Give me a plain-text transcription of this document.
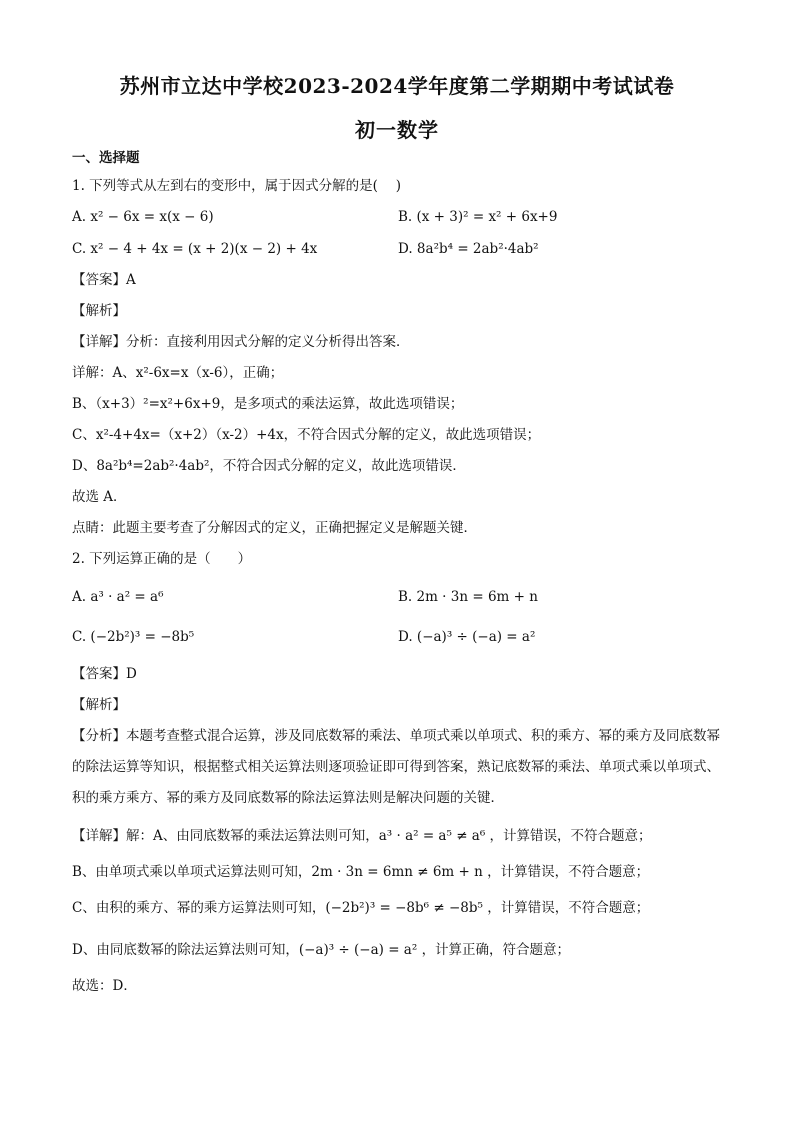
苏州市立达中学校2023-2024学年度第二学期期中考试试卷
初一数学
一、选择题
1. 下列等式从左到右的变形中，属于因式分解的是(　 )
A. x² − 6x = x(x − 6)	B. (x + 3)² = x² + 6x+9
C. x² − 4 + 4x = (x + 2)(x − 2) + 4x	D. 8a²b⁴ = 2ab²·4ab²
【答案】A
【解析】
【详解】分析：直接利用因式分解的定义分析得出答案．
详解：A、x²-6x=x（x-6），正确；
B、（x+3）²=x²+6x+9，是多项式的乘法运算，故此选项错误；
C、x²-4+4x=（x+2）（x-2）+4x，不符合因式分解的定义，故此选项错误；
D、8a²b⁴=2ab²·4ab²，不符合因式分解的定义，故此选项错误．
故选 A．
点睛：此题主要考查了分解因式的定义，正确把握定义是解题关键．
2. 下列运算正确的是（　　）
A. a³ · a² = a⁶	B. 2m · 3n = 6m + n
C. (−2b²)³ = −8b⁵	D. (−a)³ ÷ (−a) = a²
【答案】D
【解析】
【分析】本题考查整式混合运算，涉及同底数幂的乘法、单项式乘以单项式、积的乘方、幂的乘方及同底数幂的除法运算等知识，根据整式相关运算法则逐项验证即可得到答案，熟记底数幂的乘法、单项式乘以单项式、积的乘方乘方、幂的乘方及同底数幂的除法运算法则是解决问题的关键．
【详解】解：A、由同底数幂的乘法运算法则可知，a³ · a² = a⁵ ≠ a⁶ ，计算错误，不符合题意；
B、由单项式乘以单项式运算法则可知，2m · 3n = 6mn ≠ 6m + n ，计算错误，不符合题意；
C、由积的乘方、幂的乘方运算法则可知，(−2b²)³ = −8b⁶ ≠ −8b⁵ ，计算错误，不符合题意；
D、由同底数幂的除法运算法则可知，(−a)³ ÷ (−a) = a² ，计算正确，符合题意；
故选：D．
